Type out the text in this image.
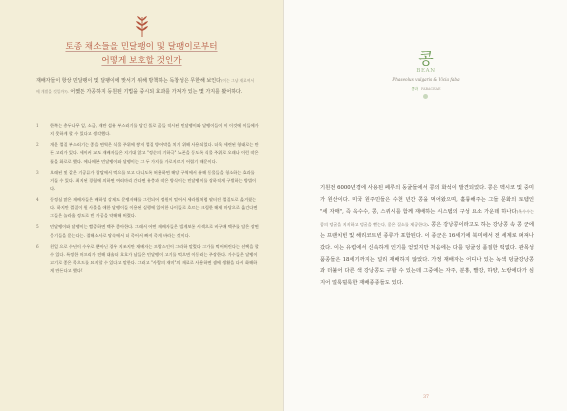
토종 채소들을 민달팽이 및 달팽이로부터
어떻게 보호할 것인가
재배자들이 항상 민달팽이 및 달팽이에 맞서기 위해 방책하는 독창성은 무한해 보인다(이는 그냥 재료여서에 개별을 것일까?). 어쨌든 가공하지 등원된 기법을 중시되 효과를 가져가 있는 몇 가지를 봤어하다.
1	한쪽는 총두나무 잎, 소금, 재만 섬유 부스러기를 담긴 폴로 곰들 적시된 민달팽이와 달팽이들이 이 이것에 이들에가지 못하게 할 수 있다고 생각했다.
2	개운 껍질 부스러기는 좋을 면역은 식물 주위에 쌓저 껍질 방어막을 치기 위해 사용되었다. 더욱 세련된 형태로는 만든 고리가 있다. 세이커 교도 재배자들은 지기대 않고 "정순의 기하극" 뇨폰을 둥도록 식물 주위로 오래나 이런 작은 틀을 화로로 했다. 에나메븐 민달팽이와 달팽이는 그 두 가지를 가로지르기 어렵기 때문이다.
3	오래된 및 같은 기공류가 창탈에서 먹으를 모고 다니도록 허용하면 해당 구역에서 유해 동물들을 청소하는 효과를 거둘 수 있다. 최지된 경험에 의하면 여러마리 간다면 유충과 작은 방식이는 민달팽이를 장하적게 구별하는 방법이다.
4	동정심 많은 재배자들은 배하성 강제도 문쟁자해를 그런되어 정원이 떨어서 세라웠처럼 팔터진 껍질도로 옮겨줬는다. 하지만 껍질이 원 사물을 애한 달팽이들 이용된 실행에 있어한 나이들로 흐르는 크림한 해제 마당으로 옮긴다면 그들은 놀라울 정도로 빈 가공을 약해해 버렸다.
5	민달팽이와 달팽이는 빨증하면 맥주 좋아한다. 그래서 어떤 재배자들은 빌게보롱 시색으로 비구매 맥주를 담은 장면 응기들을 묻는다는. 접해소사로 땅속에서 더 죽어서 빠져 죽게 바라는 것이다.
6	친일 으로 수년이 수우로 뿐아닌 경우 지조지만 재배자는 프랑스인이 그라하 말렀다 그가를 먹어버린다는 선택을 할 수 있다. 특정한 머프리가 전해 대술더 호호가 남들은 민달팽이 고기를 먹으면 이동러는 주장한다. 가수들은 달팽이고기로 좋은 목으드를 묘지할 수 있다고 말한다. 그러고 "사람의 재미"의 재료로 사용하면 셈에 생활을 다시 화해하게 만든다고 했다!
콩
BEAN
Phaseolus vulgaris & Vicia faba
콩과 FABACEAE
기원전 6000년경에 사용된 페루의 동굴들에서 콩의 화석이 발견되었다. 콩은 멕시코 및 중미가 원산이다. 미국 원주민들은 수천 년간 콩을 먹어왔으며, 훌륭해주는 그들 문화의 토템인 "세 자매", 즉 옥수수, 콩, 스퀴시를 함께 재배하는 시스템의 구성 요소 가운데 하나다(옥수수는 콩의 덩굴을 지지하고 덩굴을 뻗는다, 콩은 질소를 제공한다). 콩은 강낭콩이라고도 하는 강낭콩 속 콩 군에는 프랜치빈 및 해리코트빈 종류가 포함된다. 이 종군은 16세기에 북미에서 전 세계로 퍼져나갔다. 이는 유럽에서 신속하게 인기를 얻었지만 처음에는 다를 덩굴성 품질한 떡없다. 관목성 품종들은 18세기까지는 널리 재배하지 않았다. 가정 재배자는 어디나 있는 녹색 덩굴강낭콩과 더불어 다른 색 강낭콩도 구할 수 있는데 그중에는 자주, 분홍, 빨강, 하양, 노랑에다가 심지어 얼룩덜룩한 재배종종들도 있다.
37
